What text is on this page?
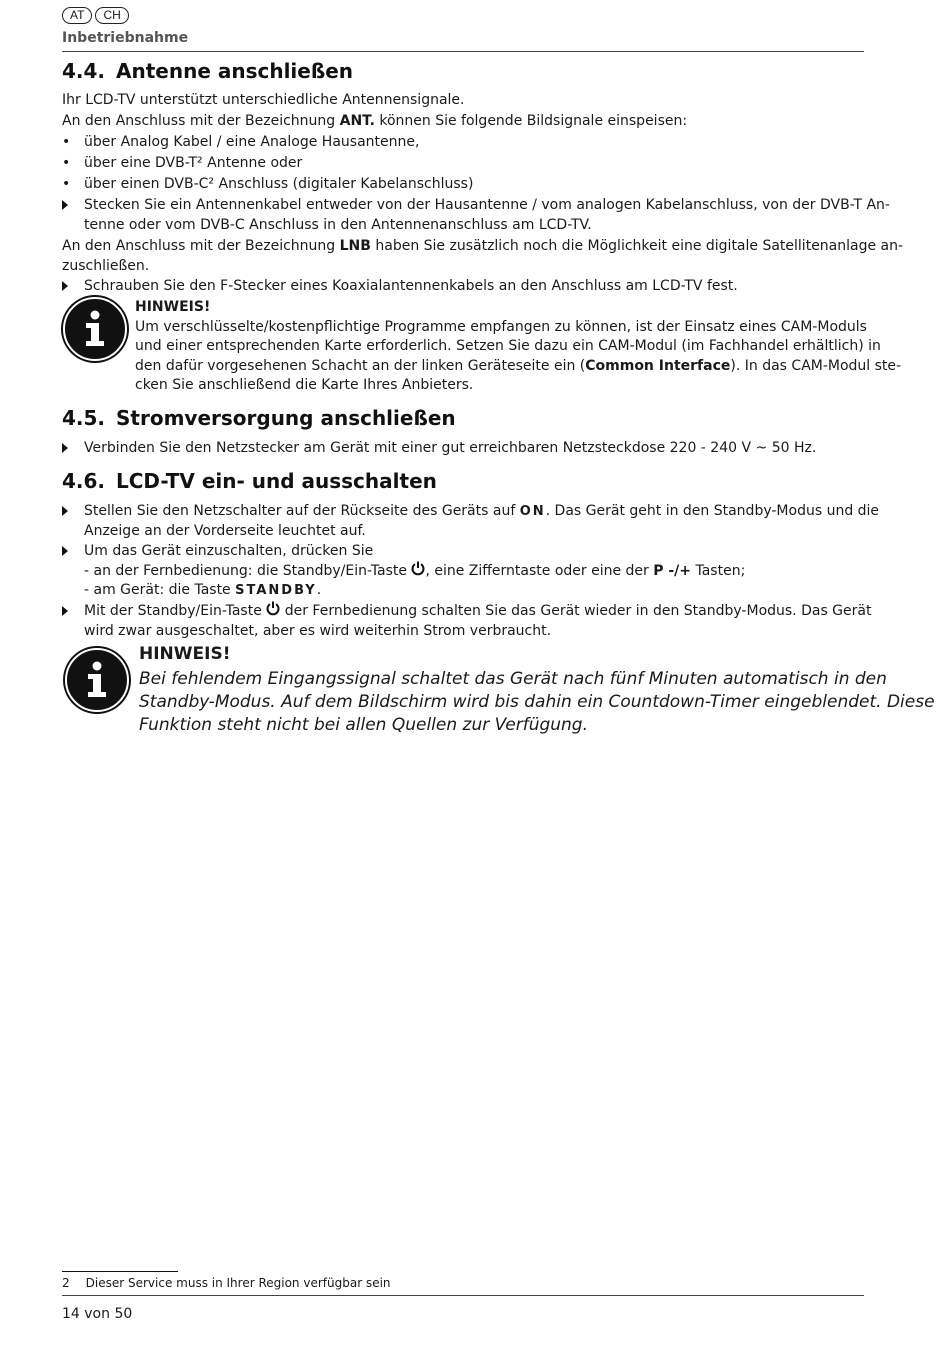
AT	CH
Inbetriebnahme
4.4. Antenne anschließen
Ihr LCD-TV unterstützt unterschiedliche Antennensignale.
An den Anschluss mit der Bezeichnung ANT. können Sie folgende Bildsignale einspeisen:
• über Analog Kabel / eine Analoge Hausantenne,
• über eine DVB-T² Antenne oder
• über einen DVB-C² Anschluss (digitaler Kabelanschluss)
Stecken Sie ein Antennenkabel entweder von der Hausantenne / vom analogen Kabelanschluss, von der DVB-T An-
tenne oder vom DVB-C Anschluss in den Antennenanschluss am LCD-TV.
An den Anschluss mit der Bezeichnung LNB haben Sie zusätzlich noch die Möglichkeit eine digitale Satellitenanlage an-
zuschließen.
Schrauben Sie den F-Stecker eines Koaxialantennenkabels an den Anschluss am LCD-TV fest.
HINWEIS!
Um verschlüsselte/kostenpflichtige Programme empfangen zu können, ist der Einsatz eines CAM-Moduls
und einer entsprechenden Karte erforderlich. Setzen Sie dazu ein CAM-Modul (im Fachhandel erhältlich) in
den dafür vorgesehenen Schacht an der linken Geräteseite ein (Common Interface). In das CAM-Modul ste-
cken Sie anschließend die Karte Ihres Anbieters.
4.5. Stromversorgung anschließen
Verbinden Sie den Netzstecker am Gerät mit einer gut erreichbaren Netzsteckdose 220 - 240 V ~ 50 Hz.
4.6. LCD-TV ein- und ausschalten
Stellen Sie den Netzschalter auf der Rückseite des Geräts auf ON. Das Gerät geht in den Standby-Modus und die
Anzeige an der Vorderseite leuchtet auf.
Um das Gerät einzuschalten, drücken Sie
- an der Fernbedienung: die Standby/Ein-Taste , eine Zifferntaste oder eine der P -/+ Tasten;
- am Gerät: die Taste STANDBY.
Mit der Standby/Ein-Taste  der Fernbedienung schalten Sie das Gerät wieder in den Standby-Modus. Das Gerät
wird zwar ausgeschaltet, aber es wird weiterhin Strom verbraucht.
HINWEIS!
Bei fehlendem Eingangssignal schaltet das Gerät nach fünf Minuten automatisch in den
Standby-Modus. Auf dem Bildschirm wird bis dahin ein Countdown-Timer eingeblendet. Diese
Funktion steht nicht bei allen Quellen zur Verfügung.
2 Dieser Service muss in Ihrer Region verfügbar sein
14 von 50
